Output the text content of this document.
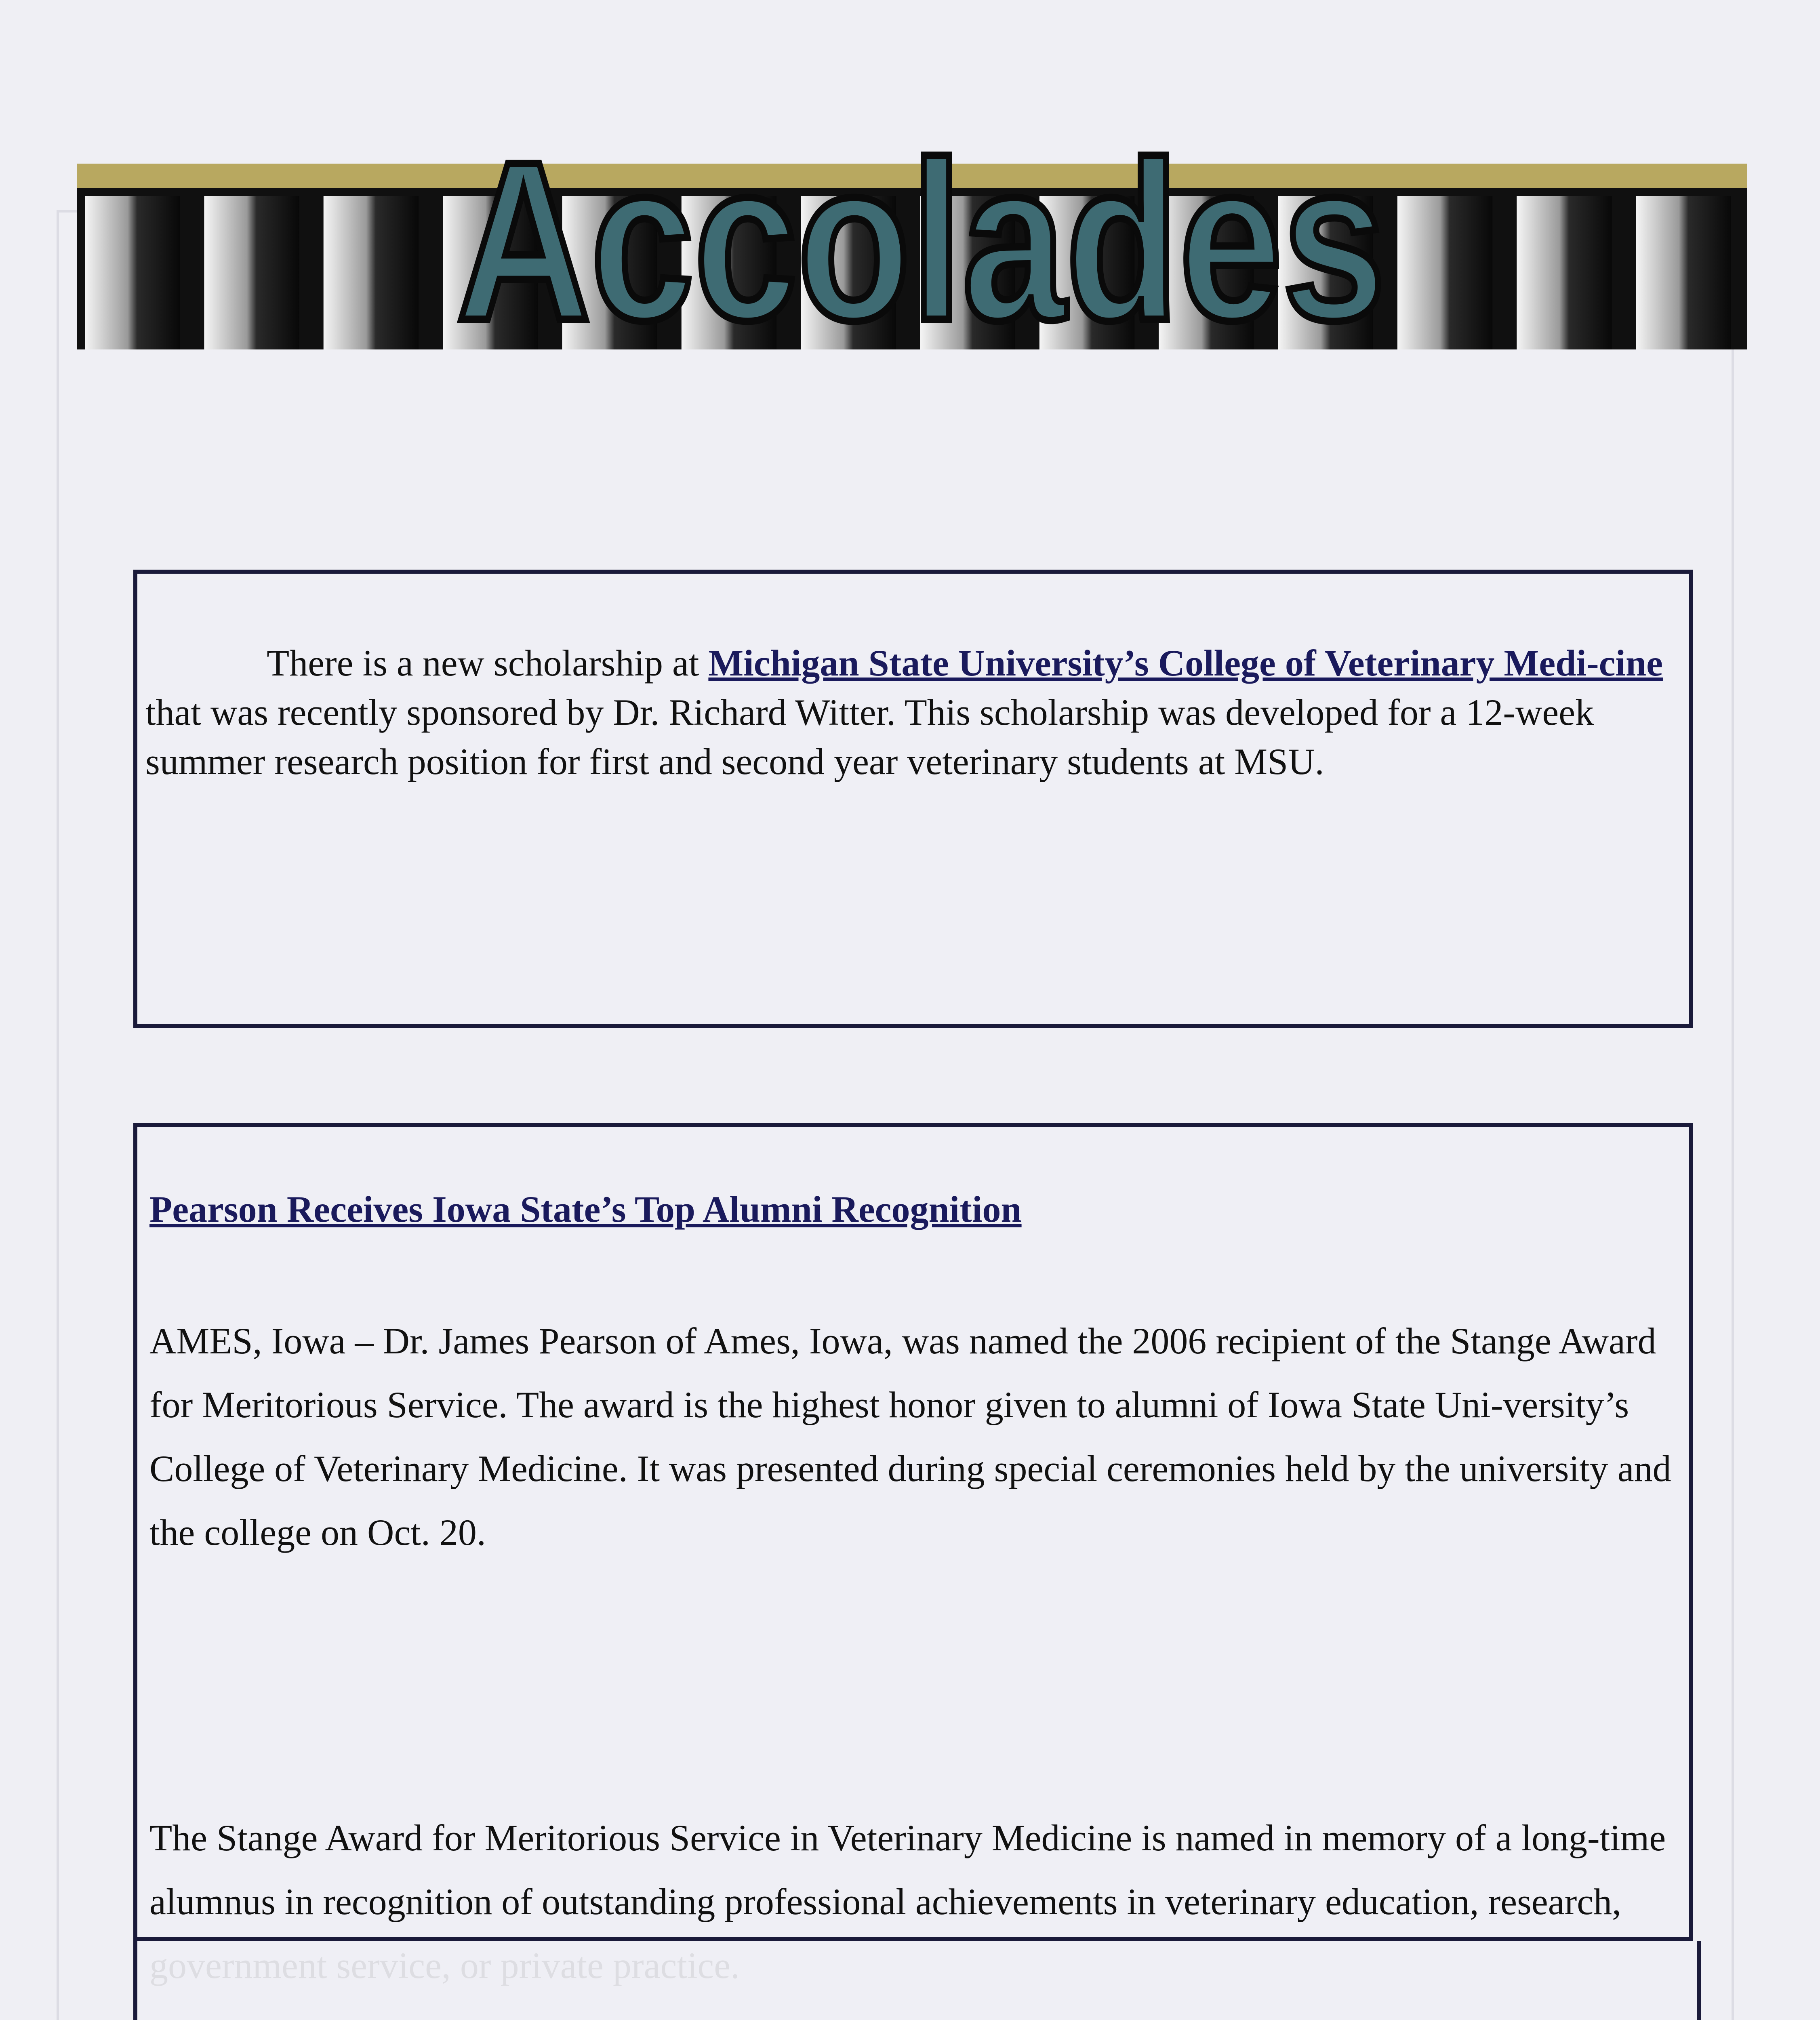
Accolades
There is a new scholarship at Michigan State University’s College of Veterinary Medi-cine that was recently sponsored by Dr. Richard Witter. This scholarship was developed for a 12-week summer research position for first and second year veterinary students at MSU.
Pearson Receives Iowa State’s Top Alumni Recognition
AMES, Iowa – Dr. James Pearson of Ames, Iowa, was named the 2006 recipient of the Stange Award for Meritorious Service. The award is the highest honor given to alumni of Iowa State Uni-versity’s College of Veterinary Medicine. It was presented during special ceremonies held by the university and the college on Oct. 20.
The Stange Award for Meritorious Service in Veterinary Medicine is named in memory of a long-time alumnus in recognition of outstanding professional achievements in veterinary education, research,
